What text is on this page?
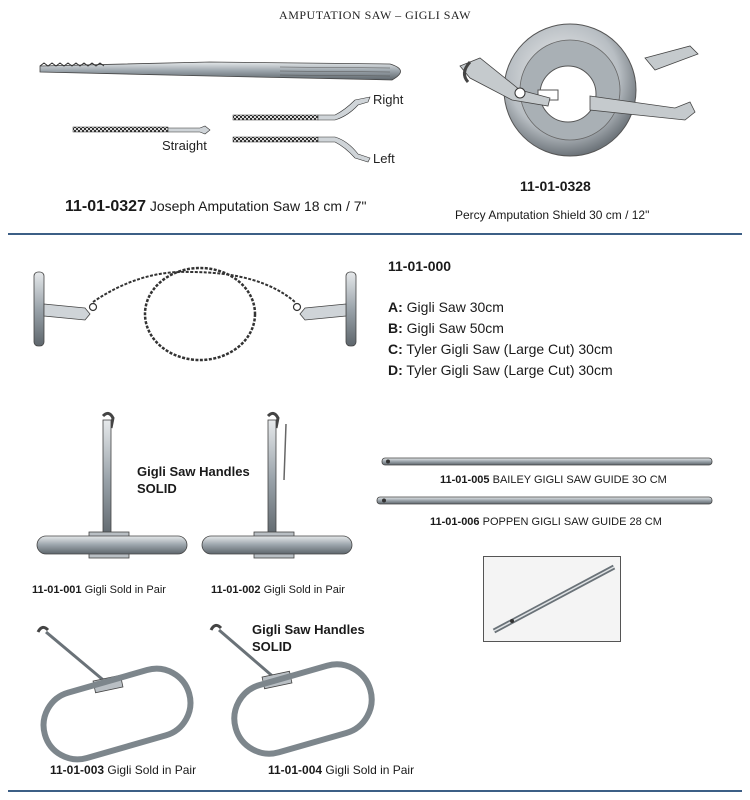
AMPUTATION SAW – GIGLI SAW
Right
Straight
Left
11-01-0327 Joseph Amputation Saw 18 cm / 7"
11-01-0328
Percy Amputation Shield 30 cm / 12"
11-01-000
A: Gigli Saw 30cm
B: Gigli Saw 50cm
C: Tyler Gigli Saw (Large Cut) 30cm
D: Tyler Gigli Saw (Large Cut) 30cm
Gigli Saw Handles
SOLID
11-01-001 Gigli Sold in Pair	11-01-002 Gigli Sold in Pair
11-01-005 BAILEY GIGLI SAW GUIDE 3O CM
11-01-006 POPPEN GIGLI SAW GUIDE 28 CM
Gigli Saw Handles
SOLID
11-01-003 Gigli Sold in Pair	11-01-004 Gigli Sold in Pair
